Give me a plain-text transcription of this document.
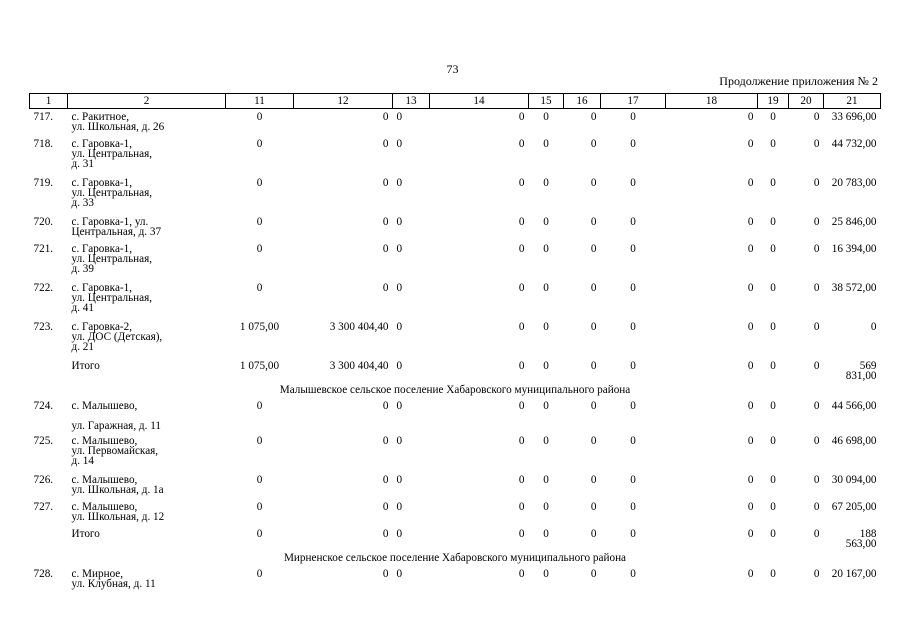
73
Продолжение приложения № 2
1	2	11	12	13	14	15	16	17	18	19	20	21
717.	с. Ракитное,
ул. Школьная, д. 26	0	0	0	0	0	0	0	0	0	0	33 696,00
718.	с. Гаровка-1,
ул. Центральная,
д. 31	0	0	0	0	0	0	0	0	0	0	44 732,00
719.	с. Гаровка-1,
ул. Центральная,
д. 33	0	0	0	0	0	0	0	0	0	0	20 783,00
720.	с. Гаровка-1, ул.
Центральная, д. 37	0	0	0	0	0	0	0	0	0	0	25 846,00
721.	с. Гаровка-1,
ул. Центральная,
д. 39	0	0	0	0	0	0	0	0	0	0	16 394,00
722.	с. Гаровка-1,
ул. Центральная,
д. 41	0	0	0	0	0	0	0	0	0	0	38 572,00
723.	с. Гаровка-2,
ул. ДОС (Детская),
д. 21	1 075,00	3 300 404,40	0	0	0	0	0	0	0	0	0
	Итого	1 075,00	3 300 404,40	0	0	0	0	0	0	0	0	569 831,00
Малышевское сельское поселение Хабаровского муниципального района												
724.	с. Малышево,

ул. Гаражная, д. 11	0	0	0	0	0	0	0	0	0	0	44 566,00
725.	с. Малышево,
ул. Первомайская,
д. 14	0	0	0	0	0	0	0	0	0	0	46 698,00
726.	с. Малышево,
ул. Школьная, д. 1а	0	0	0	0	0	0	0	0	0	0	30 094,00
727.	с. Малышево,
ул. Школьная, д. 12	0	0	0	0	0	0	0	0	0	0	67 205,00
	Итого	0	0	0	0	0	0	0	0	0	0	188 563,00
Мирненское сельское поселение Хабаровского муниципального района												
728.	с. Мирное,
ул. Клубная, д. 11	0	0	0	0	0	0	0	0	0	0	20 167,00
